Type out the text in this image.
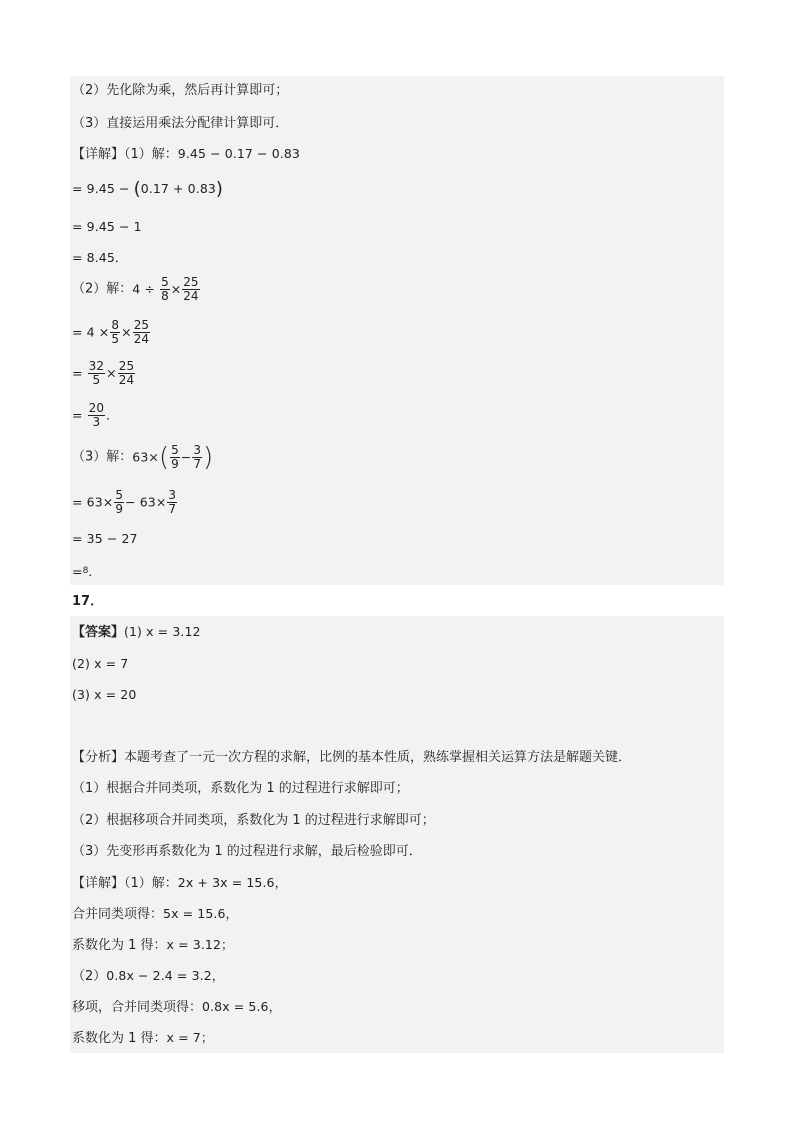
（2）先化除为乘，然后再计算即可；
（3）直接运用乘法分配律计算即可．
【详解】（1）解：9.45 − 0.17 − 0.83
= 9.45 − (0.17 + 0.83)
= 9.45 − 1
= 8.45．
（2）解：$4 \div \frac{5}{8} \times \frac{25}{24}$
= $4 \times \frac{8}{5} \times \frac{25}{24}$
= $\frac{32}{5} \times \frac{25}{24}$
= $\frac{20}{3}$ ．
（3）解：$63\times( \frac{5}{9} - \frac{3}{7}$ )
= $63\times \frac{5}{9} - 63\times \frac{3}{7}$
= 35 − 27
=$^8$．
17．
【答案】(1) x = 3.12
(2) x = 7
(3) x = 20
【分析】本题考查了一元一次方程的求解，比例的基本性质，熟练掌握相关运算方法是解题关键．
（1）根据合并同类项，系数化为 1 的过程进行求解即可；
（2）根据移项合并同类项，系数化为 1 的过程进行求解即可；
（3）先变形再系数化为 1 的过程进行求解，最后检验即可．
【详解】（1）解：2x + 3x = 15.6，
合并同类项得：5x = 15.6，
系数化为 1 得：x = 3.12；
（2）0.8x − 2.4 = 3.2，
移项，合并同类项得：0.8x = 5.6，
系数化为 1 得：x = 7；
